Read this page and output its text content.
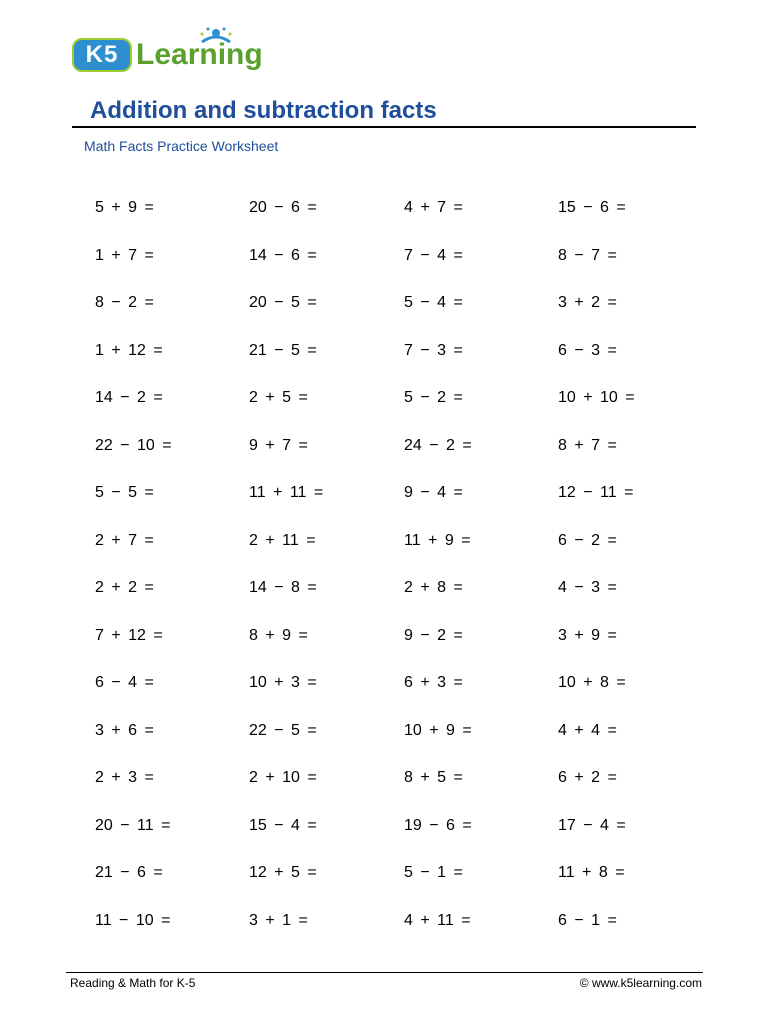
K5 Learning
Addition and subtraction facts
Math Facts Practice Worksheet
5 + 9 =	20 − 6 =	4 + 7 =	15 − 6 =
1 + 7 =	14 − 6 =	7 − 4 =	8 − 7 =
8 − 2 =	20 − 5 =	5 − 4 =	3 + 2 =
1 + 12 =	21 − 5 =	7 − 3 =	6 − 3 =
14 − 2 =	2 + 5 =	5 − 2 =	10 + 10 =
22 − 10 =	9 + 7 =	24 − 2 =	8 + 7 =
5 − 5 =	11 + 11 =	9 − 4 =	12 − 11 =
2 + 7 =	2 + 11 =	11 + 9 =	6 − 2 =
2 + 2 =	14 − 8 =	2 + 8 =	4 − 3 =
7 + 12 =	8 + 9 =	9 − 2 =	3 + 9 =
6 − 4 =	10 + 3 =	6 + 3 =	10 + 8 =
3 + 6 =	22 − 5 =	10 + 9 =	4 + 4 =
2 + 3 =	2 + 10 =	8 + 5 =	6 + 2 =
20 − 11 =	15 − 4 =	19 − 6 =	17 − 4 =
21 − 6 =	12 + 5 =	5 − 1 =	11 + 8 =
11 − 10 =	3 + 1 =	4 + 11 =	6 − 1 =
Reading & Math for K-5	© www.k5learning.com
